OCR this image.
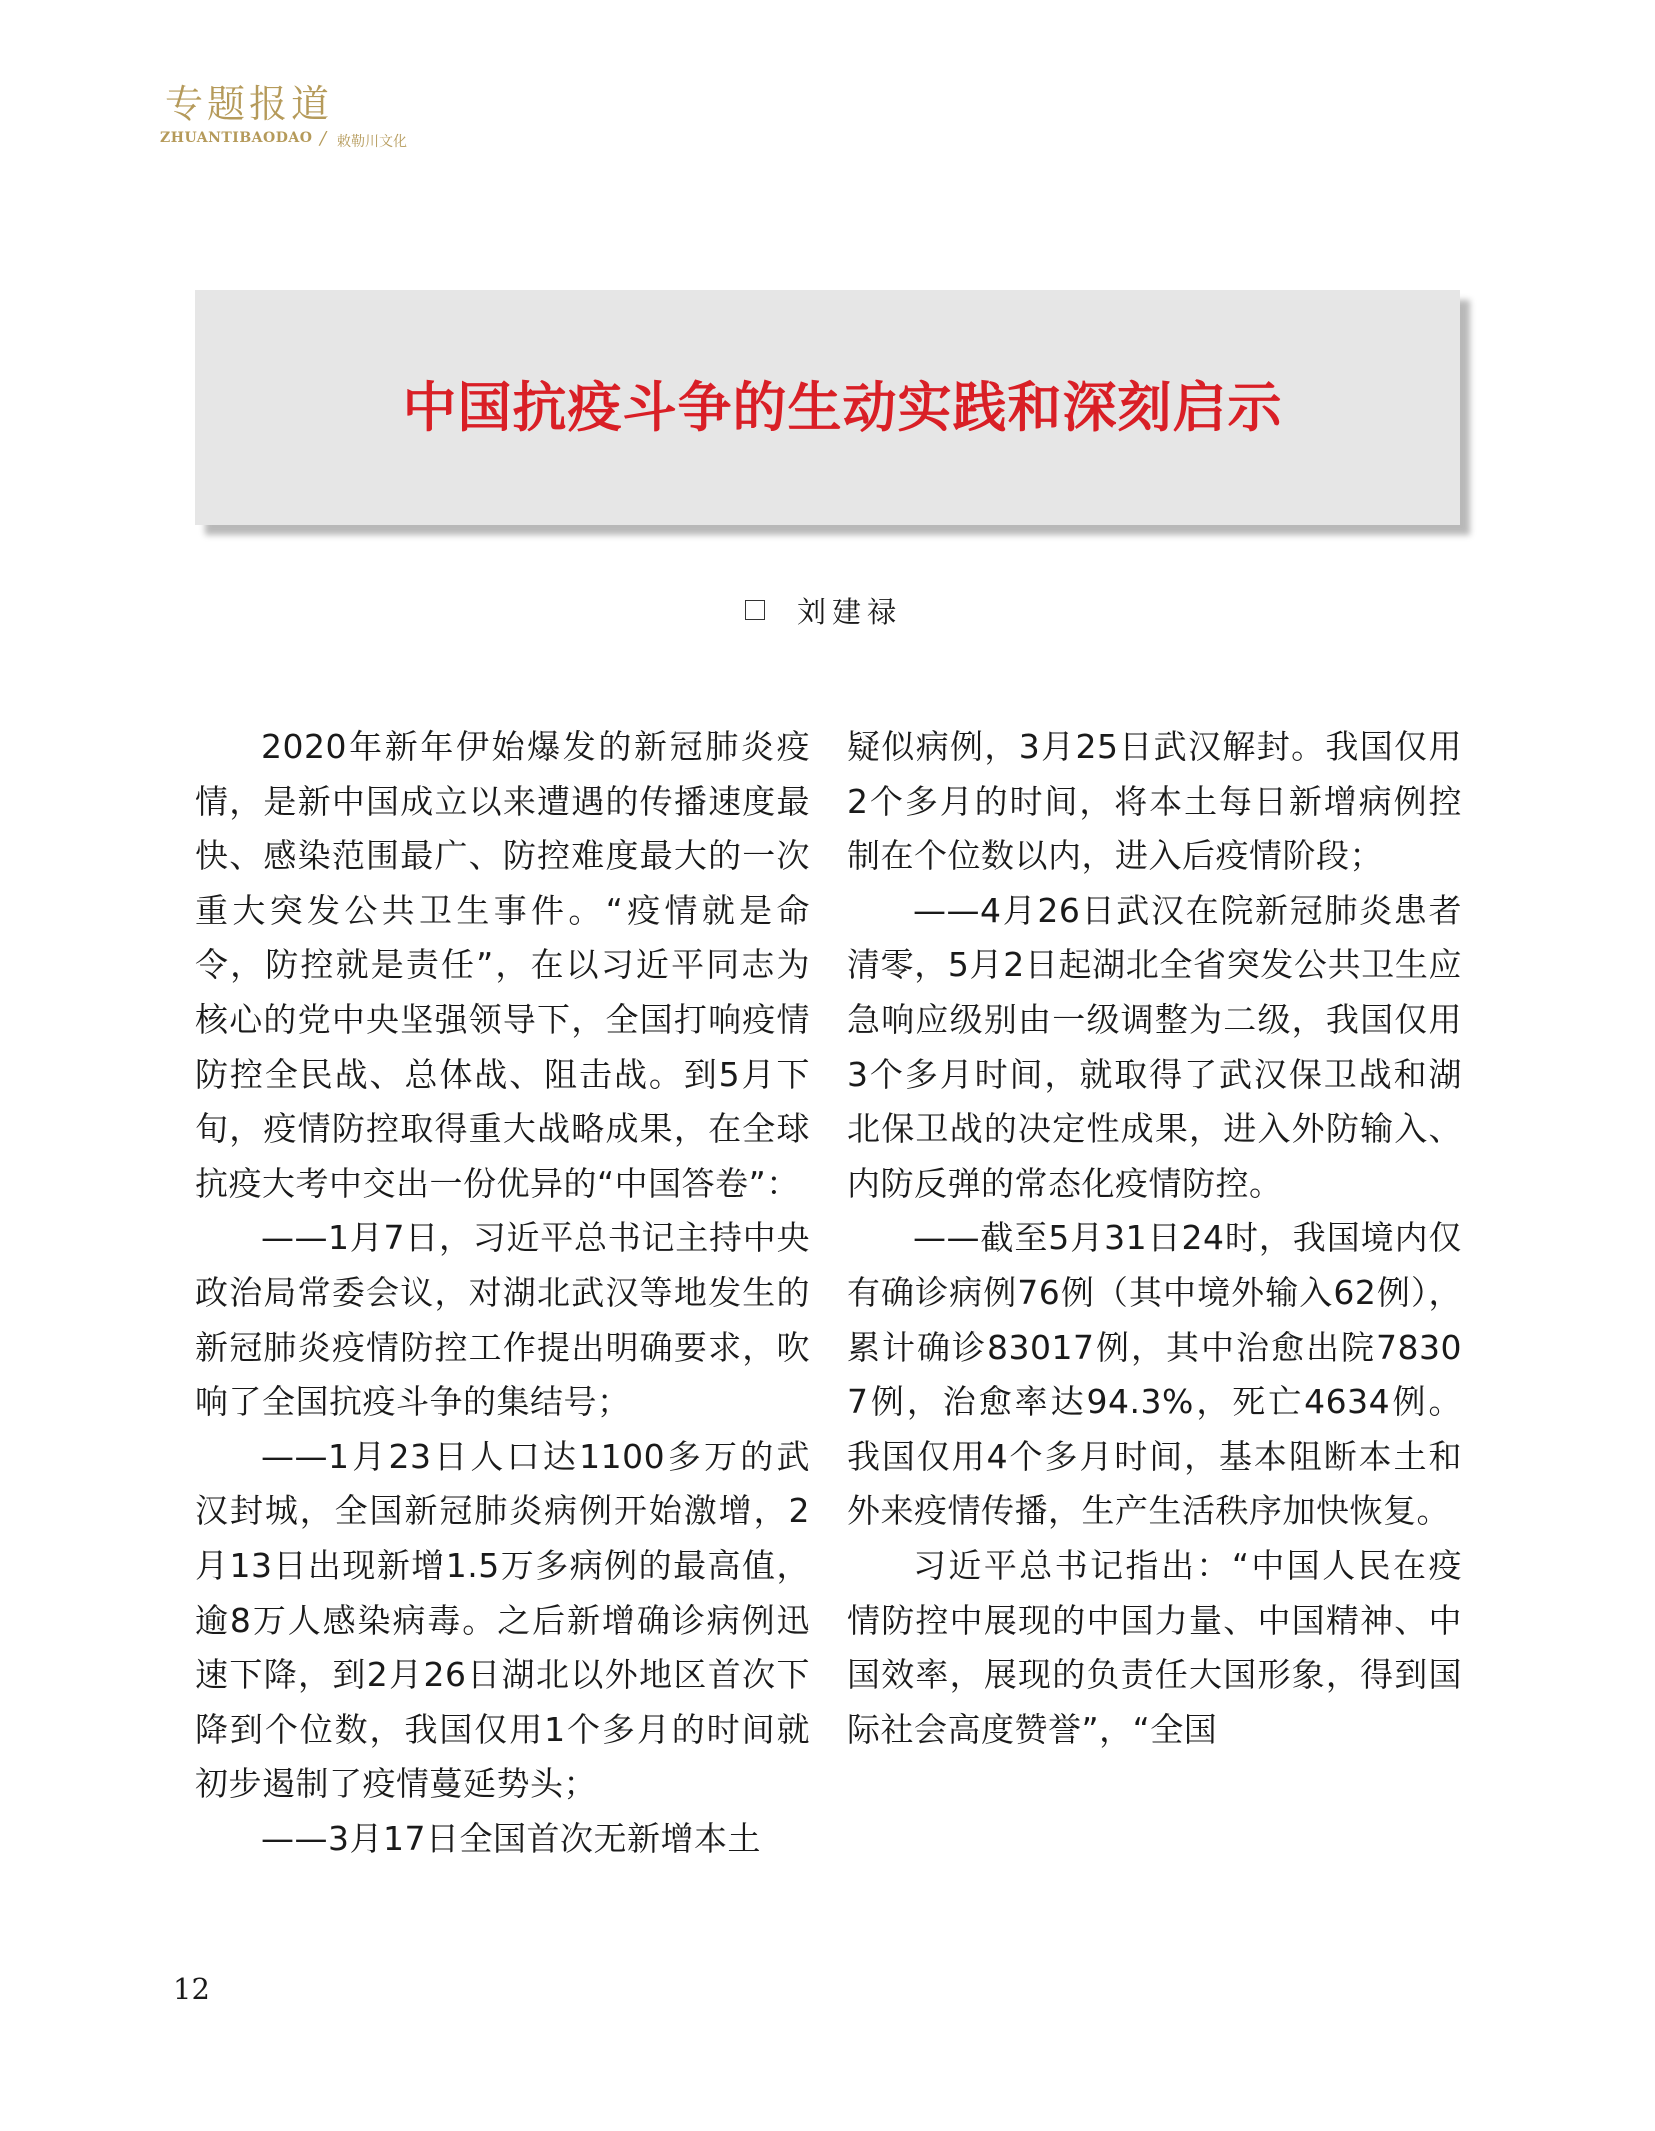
专题报道
ZHUANTIBAODAO / 敕勒川文化
中国抗疫斗争的生动实践和深刻启示
刘建禄

2020年新年伊始爆发的新冠肺炎疫情，是新中国成立以来遭遇的传播速度最快、感染范围最广、防控难度最大的一次重大突发公共卫生事件。“疫情就是命令，防控就是责任”，在以习近平同志为核心的党中央坚强领导下，全国打响疫情防控全民战、总体战、阻击战。到5月下旬，疫情防控取得重大战略成果，在全球抗疫大考中交出一份优异的“中国答卷”：

——1月7日，习近平总书记主持中央政治局常委会议，对湖北武汉等地发生的新冠肺炎疫情防控工作提出明确要求，吹响了全国抗疫斗争的集结号；

——1月23日人口达1100多万的武汉封城，全国新冠肺炎病例开始激增，2月13日出现新增1.5万多病例的最高值，逾8万人感染病毒。之后新增确诊病例迅速下降，到2月26日湖北以外地区首次下降到个位数，我国仅用1个多月的时间就初步遏制了疫情蔓延势头；

——3月17日全国首次无新增本土

疑似病例，3月25日武汉解封。我国仅用2个多月的时间，将本土每日新增病例控制在个位数以内，进入后疫情阶段；

——4月26日武汉在院新冠肺炎患者清零，5月2日起湖北全省突发公共卫生应急响应级别由一级调整为二级，我国仅用3个多月时间，就取得了武汉保卫战和湖北保卫战的决定性成果，进入外防输入、内防反弹的常态化疫情防控。

——截至5月31日24时，我国境内仅有确诊病例76例（其中境外输入62例），累计确诊83017例，其中治愈出院78307例，治愈率达94.3%，死亡4634例。我国仅用4个多月时间，基本阻断本土和外来疫情传播，生产生活秩序加快恢复。

习近平总书记指出：“中国人民在疫情防控中展现的中国力量、中国精神、中国效率，展现的负责任大国形象，得到国际社会高度赞誉”，“全国

12
